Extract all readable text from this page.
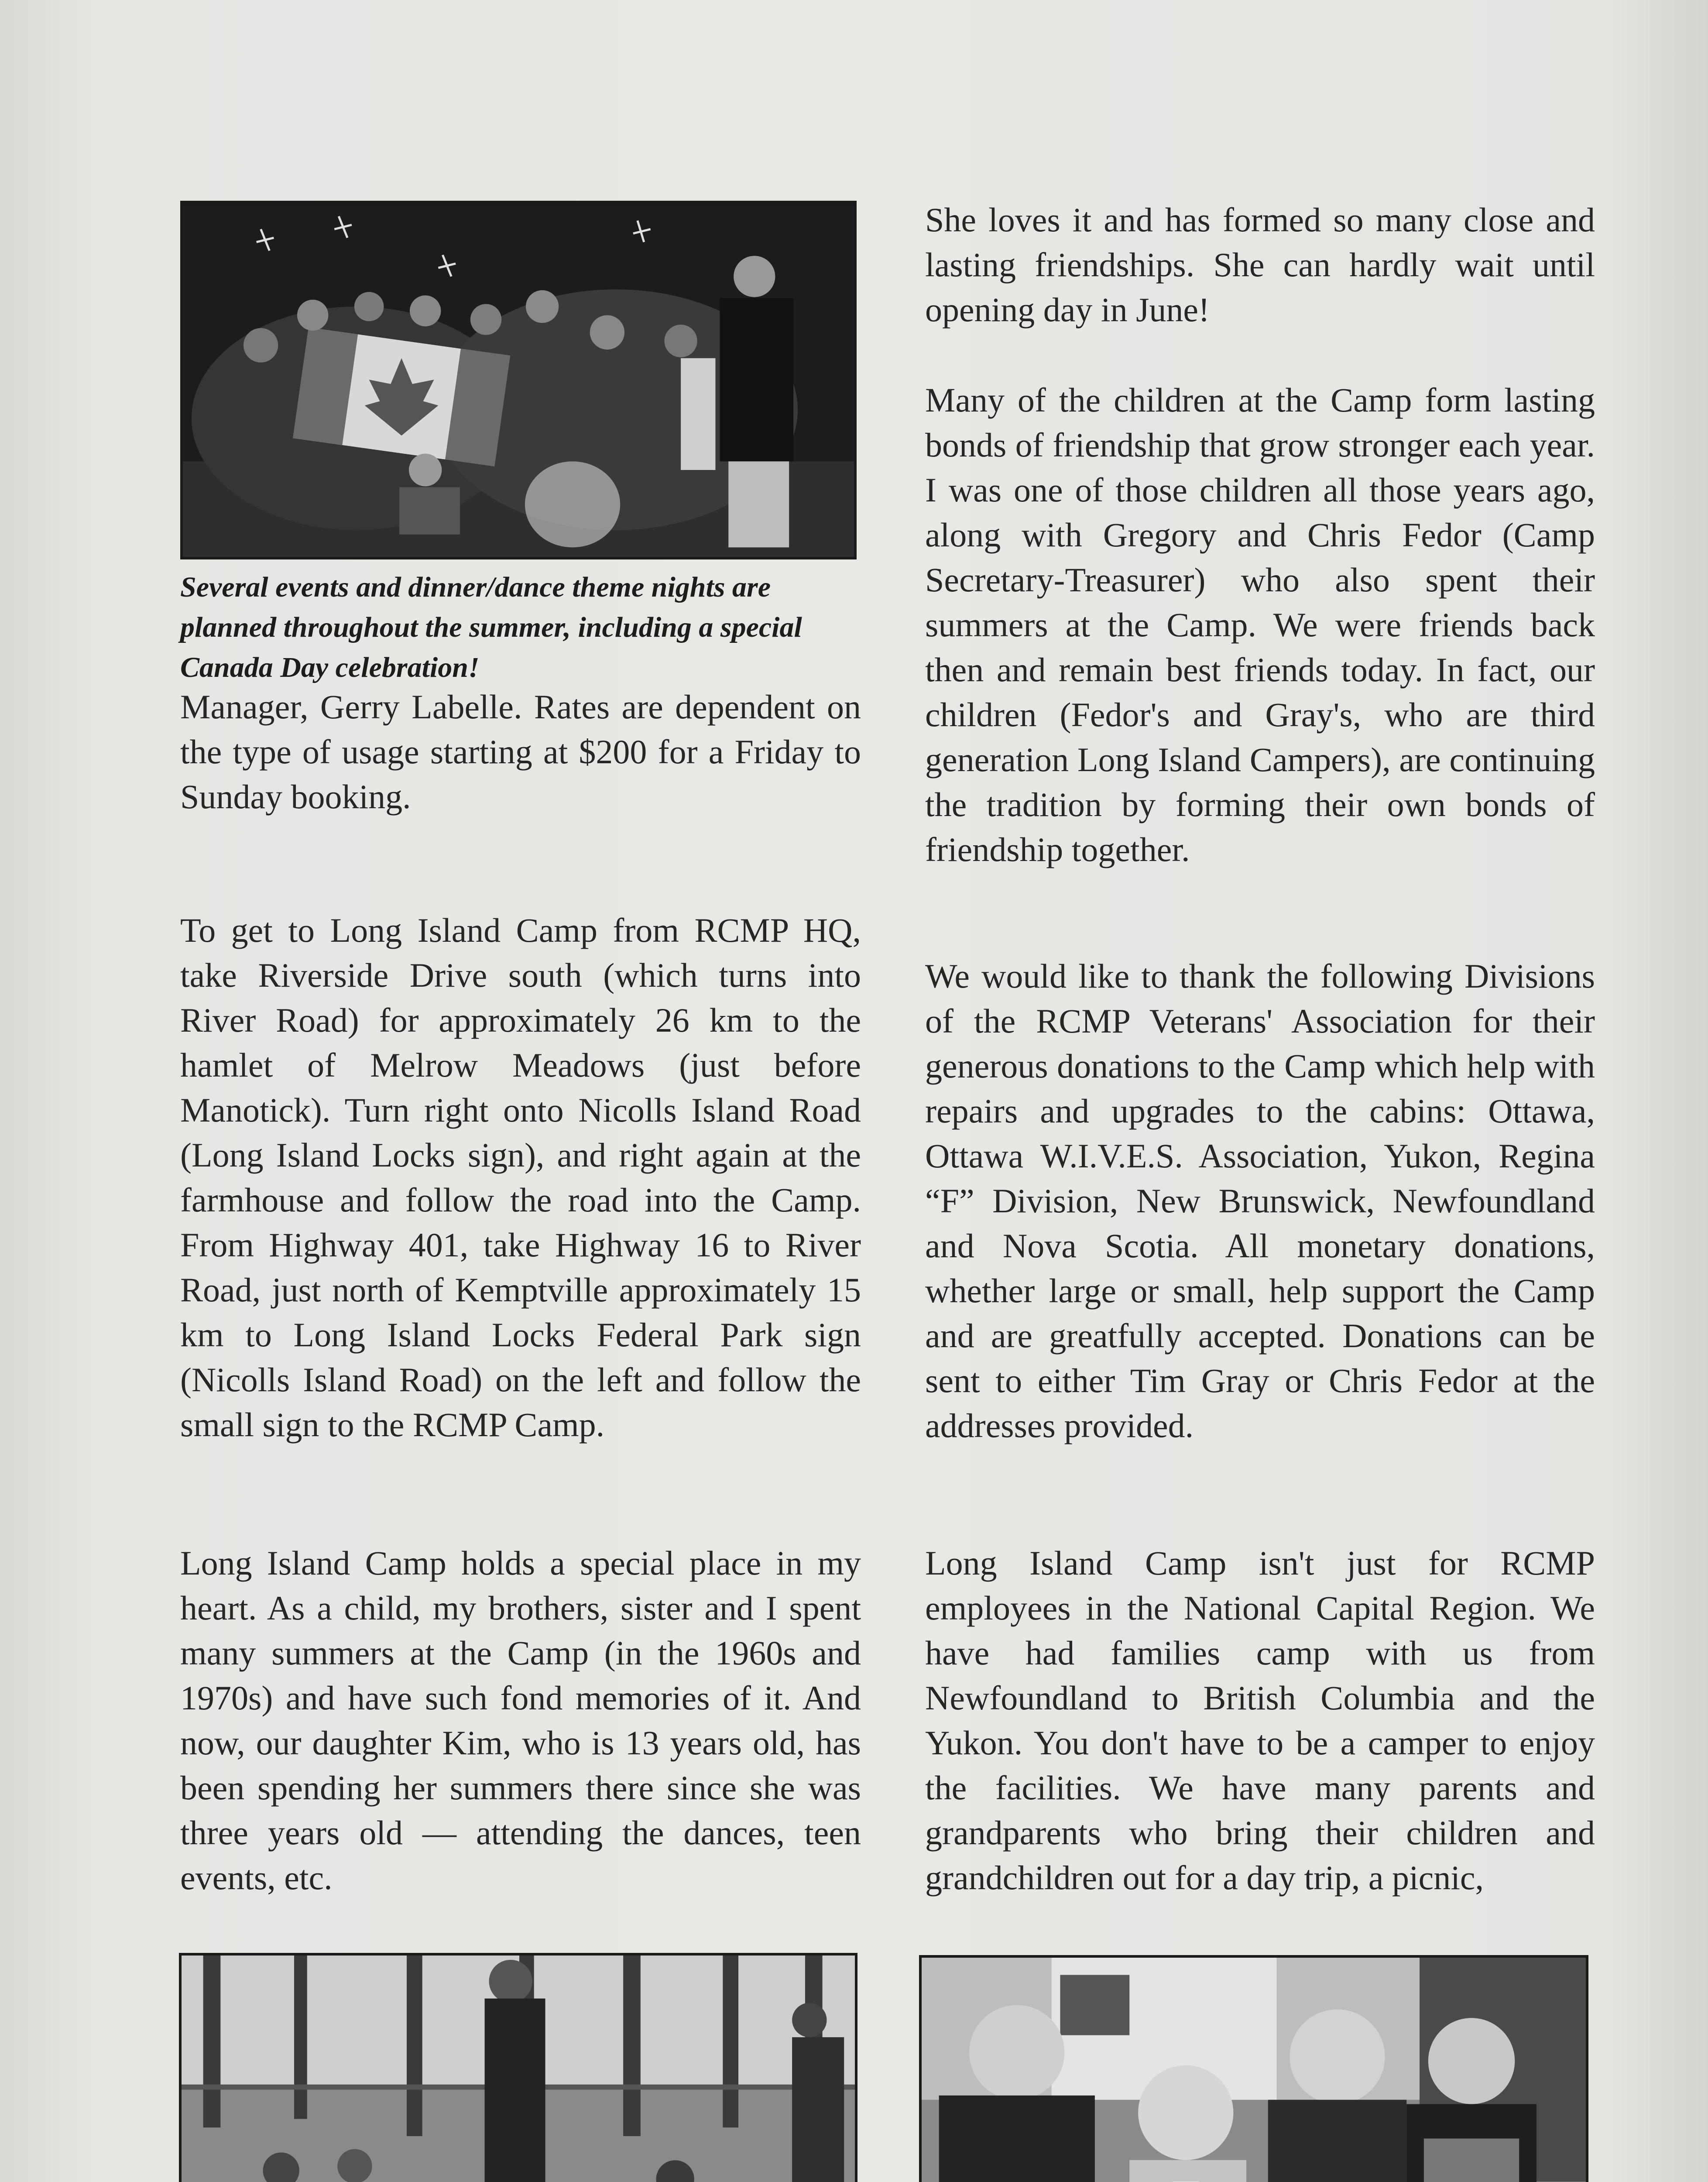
Several events and dinner/dance theme nights are planned throughout the summer, including a special Canada Day celebration!

Manager, Gerry Labelle. Rates are dependent on the type of usage starting at $200 for a Friday to Sunday booking.

To get to Long Island Camp from RCMP HQ, take Riverside Drive south (which turns into River Road) for approximately 26 km to the hamlet of Melrow Meadows (just before Manotick). Turn right onto Nicolls Island Road (Long Island Locks sign), and right again at the farmhouse and follow the road into the Camp. From Highway 401, take Highway 16 to River Road, just north of Kemptville approximately 15 km to Long Island Locks Federal Park sign (Nicolls Island Road) on the left and follow the small sign to the RCMP Camp.

Long Island Camp holds a special place in my heart. As a child, my brothers, sister and I spent many summers at the Camp (in the 1960s and 1970s) and have such fond memories of it. And now, our daughter Kim, who is 13 years old, has been spending her summers there since she was three years old — attending the dances, teen events, etc.

She loves it and has formed so many close and lasting friendships. She can hardly wait until opening day in June!

Many of the children at the Camp form lasting bonds of friendship that grow stronger each year. I was one of those children all those years ago, along with Gregory and Chris Fedor (Camp Secretary-Treasurer) who also spent their summers at the Camp. We were friends back then and remain best friends today. In fact, our children (Fedor's and Gray's, who are third generation Long Island Campers), are continuing the tradition by forming their own bonds of friendship together.

We would like to thank the following Divisions of the RCMP Veterans' Association for their generous donations to the Camp which help with repairs and upgrades to the cabins: Ottawa, Ottawa W.I.V.E.S. Association, Yukon, Regina “F” Division, New Brunswick, Newfoundland and Nova Scotia. All monetary donations, whether large or small, help support the Camp and are greatfully accepted. Donations can be sent to either Tim Gray or Chris Fedor at the addresses provided.

Long Island Camp isn't just for RCMP employees in the National Capital Region. We have had families camp with us from Newfoundland to British Columbia and the Yukon. You don't have to be a camper to enjoy the facilities. We have many parents and grandparents who bring their children and grandchildren out for a day trip, a picnic,
